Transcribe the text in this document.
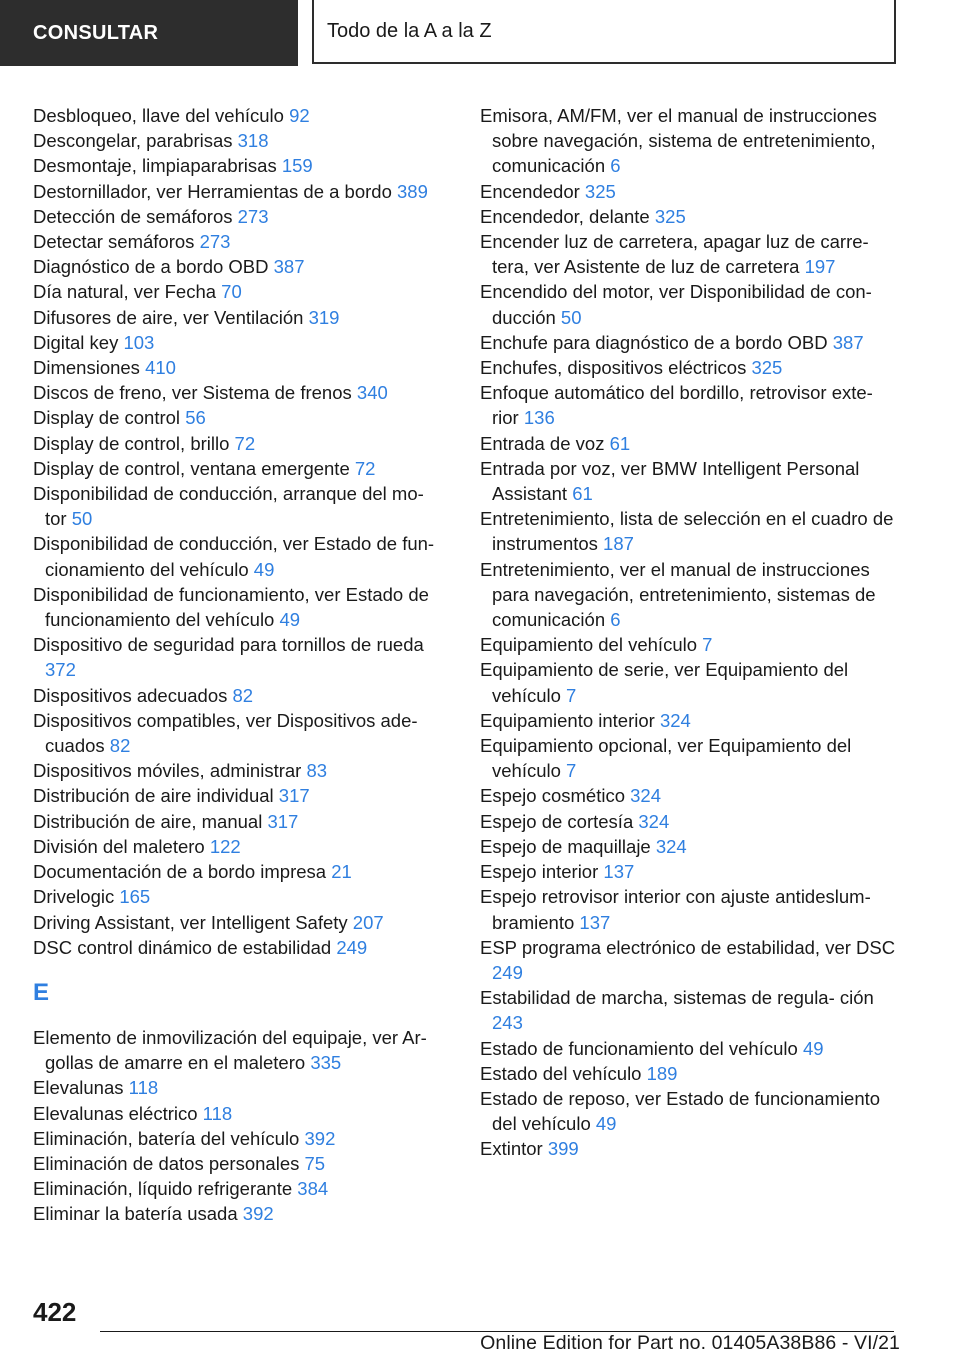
CONSULTAR	Todo de la A a la Z
Desbloqueo, llave del vehículo 92
Descongelar, parabrisas 318
Desmontaje, limpiaparabrisas 159
Destornillador, ver Herramientas de a bordo 389
Detección de semáforos 273
Detectar semáforos 273
Diagnóstico de a bordo OBD 387
Día natural, ver Fecha 70
Difusores de aire, ver Ventilación 319
Digital key 103
Dimensiones 410
Discos de freno, ver Sistema de frenos 340
Display de control 56
Display de control, brillo 72
Display de control, ventana emergente 72
Disponibilidad de conducción, arranque del mo‐ tor 50
Disponibilidad de conducción, ver Estado de fun‐ cionamiento del vehículo 49
Disponibilidad de funcionamiento, ver Estado de funcionamiento del vehículo 49
Dispositivo de seguridad para tornillos de rueda 372
Dispositivos adecuados 82
Dispositivos compatibles, ver Dispositivos ade‐ cuados 82
Dispositivos móviles, administrar 83
Distribución de aire individual 317
Distribución de aire, manual 317
División del maletero 122
Documentación de a bordo impresa 21
Drivelogic 165
Driving Assistant, ver Intelligent Safety 207
DSC control dinámico de estabilidad 249
E
Elemento de inmovilización del equipaje, ver Ar‐ gollas de amarre en el maletero 335
Elevalunas 118
Elevalunas eléctrico 118
Eliminación, batería del vehículo 392
Eliminación de datos personales 75
Eliminación, líquido refrigerante 384
Eliminar la batería usada 392
Emisora, AM/FM, ver el manual de instrucciones sobre navegación, sistema de entretenimiento, comunicación 6
Encendedor 325
Encendedor, delante 325
Encender luz de carretera, apagar luz de carre‐ tera, ver Asistente de luz de carretera 197
Encendido del motor, ver Disponibilidad de con‐ ducción 50
Enchufe para diagnóstico de a bordo OBD 387
Enchufes, dispositivos eléctricos 325
Enfoque automático del bordillo, retrovisor exte‐ rior 136
Entrada de voz 61
Entrada por voz, ver BMW Intelligent Personal Assistant 61
Entretenimiento, lista de selección en el cuadro de instrumentos 187
Entretenimiento, ver el manual de instrucciones para navegación, entretenimiento, sistemas de comunicación 6
Equipamiento del vehículo 7
Equipamiento de serie, ver Equipamiento del vehículo 7
Equipamiento interior 324
Equipamiento opcional, ver Equipamiento del vehículo 7
Espejo cosmético 324
Espejo de cortesía 324
Espejo de maquillaje 324
Espejo interior 137
Espejo retrovisor interior con ajuste antideslum‐ bramiento 137
ESP programa electrónico de estabilidad, ver DSC 249
Estabilidad de marcha, sistemas de regula‐ ción 243
Estado de funcionamiento del vehículo 49
Estado del vehículo 189
Estado de reposo, ver Estado de funcionamiento del vehículo 49
Extintor 399
422
Online Edition for Part no. 01405A38B86 - VI/21
